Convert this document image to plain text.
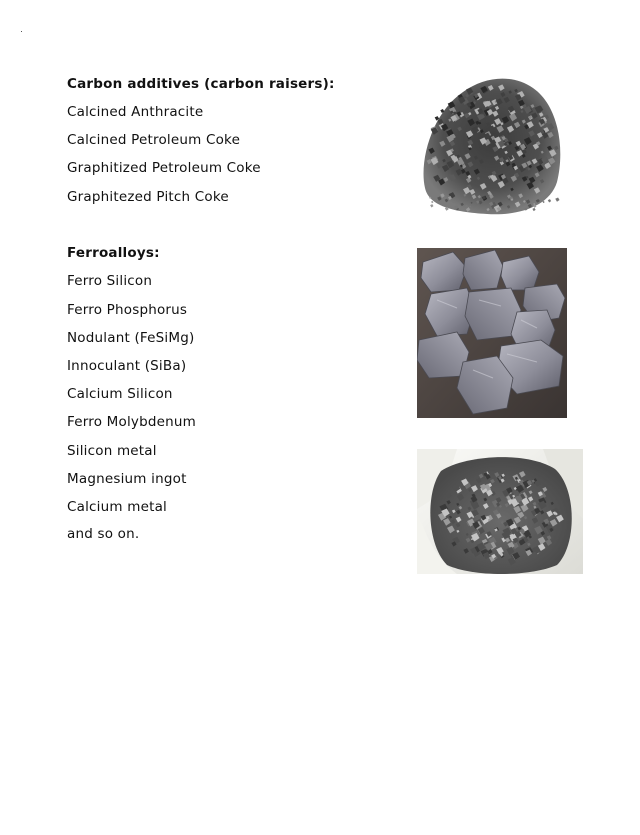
Carbon additives (carbon raisers):
Calcined Anthracite
Calcined Petroleum Coke
Graphitized Petroleum Coke
Graphitezed Pitch Coke
Ferroalloys:
Ferro Silicon
Ferro Phosphorus
Nodulant (FeSiMg)
Innoculant (SiBa)
Calcium Silicon
Ferro Molybdenum
Silicon metal
Magnesium ingot
Calcium metal
and so on.
